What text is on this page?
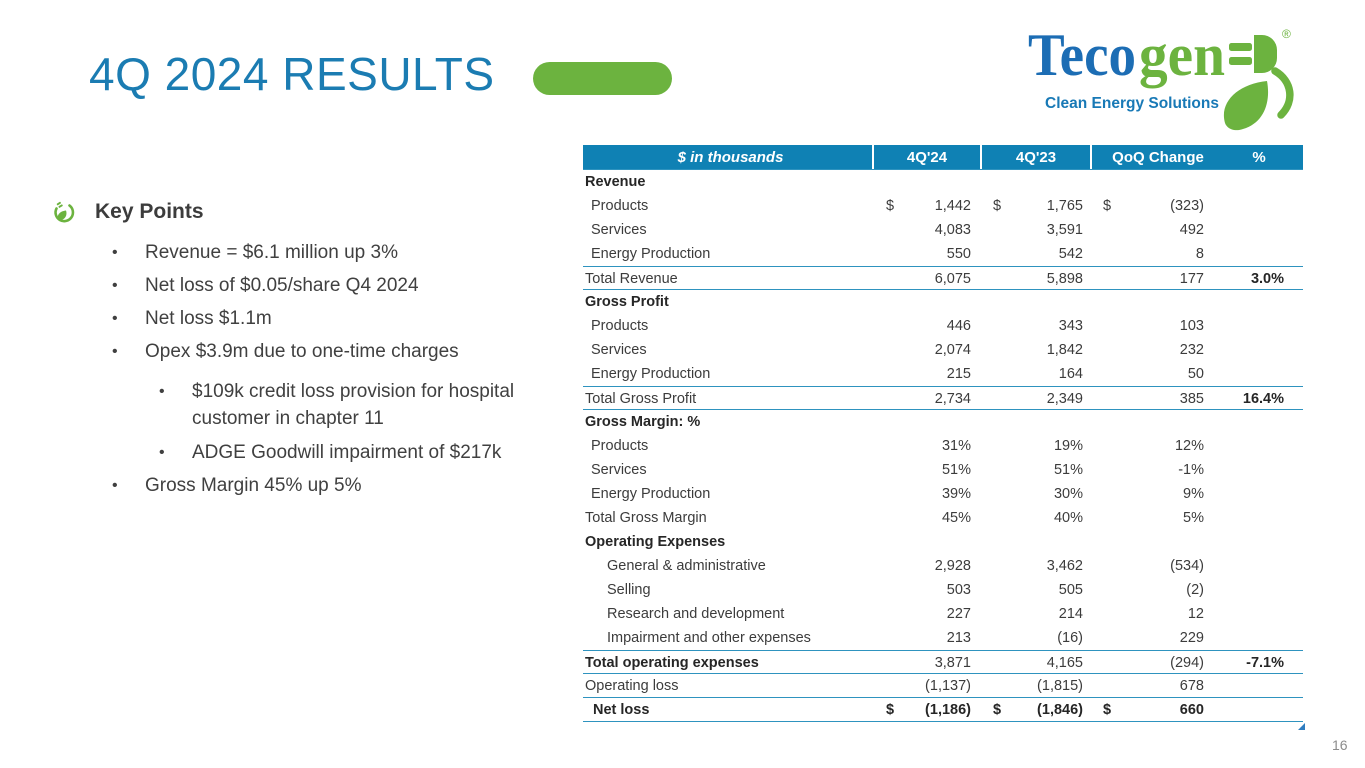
4Q 2024 RESULTS	Teco gen	®
Clean Energy Solutions
Key Points
• Revenue = $6.1 million up 3%
• Net loss of $0.05/share Q4 2024
• Net loss $1.1m
• Opex $3.9m due to one-time charges
• $109k credit loss provision for hospital customer in chapter 11
• ADGE Goodwill impairment of $217k
• Gross Margin 45% up 5%
$ in thousands	4Q'24	4Q'23	QoQ Change	%
Revenue
Products	$	1,442	$	1,765	$	(323)
Services	4,083	3,591	492
Energy Production	550	542	8
Total Revenue	6,075	5,898	177	3.0%
Gross Profit
Products	446	343	103
Services	2,074	1,842	232
Energy Production	215	164	50
Total Gross Profit	2,734	2,349	385	16.4%
Gross Margin: %
Products	31%	19%	12%
Services	51%	51%	-1%
Energy Production	39%	30%	9%
Total Gross Margin	45%	40%	5%
Operating Expenses
General & administrative	2,928	3,462	(534)
Selling	503	505	(2)
Research and development	227	214	12
Impairment and other expenses	213	(16)	229
Total operating expenses	3,871	4,165	(294)	-7.1%
Operating loss	(1,137)	(1,815)	678
Net loss	$ (1,186)	$ (1,846)	$	660
16
